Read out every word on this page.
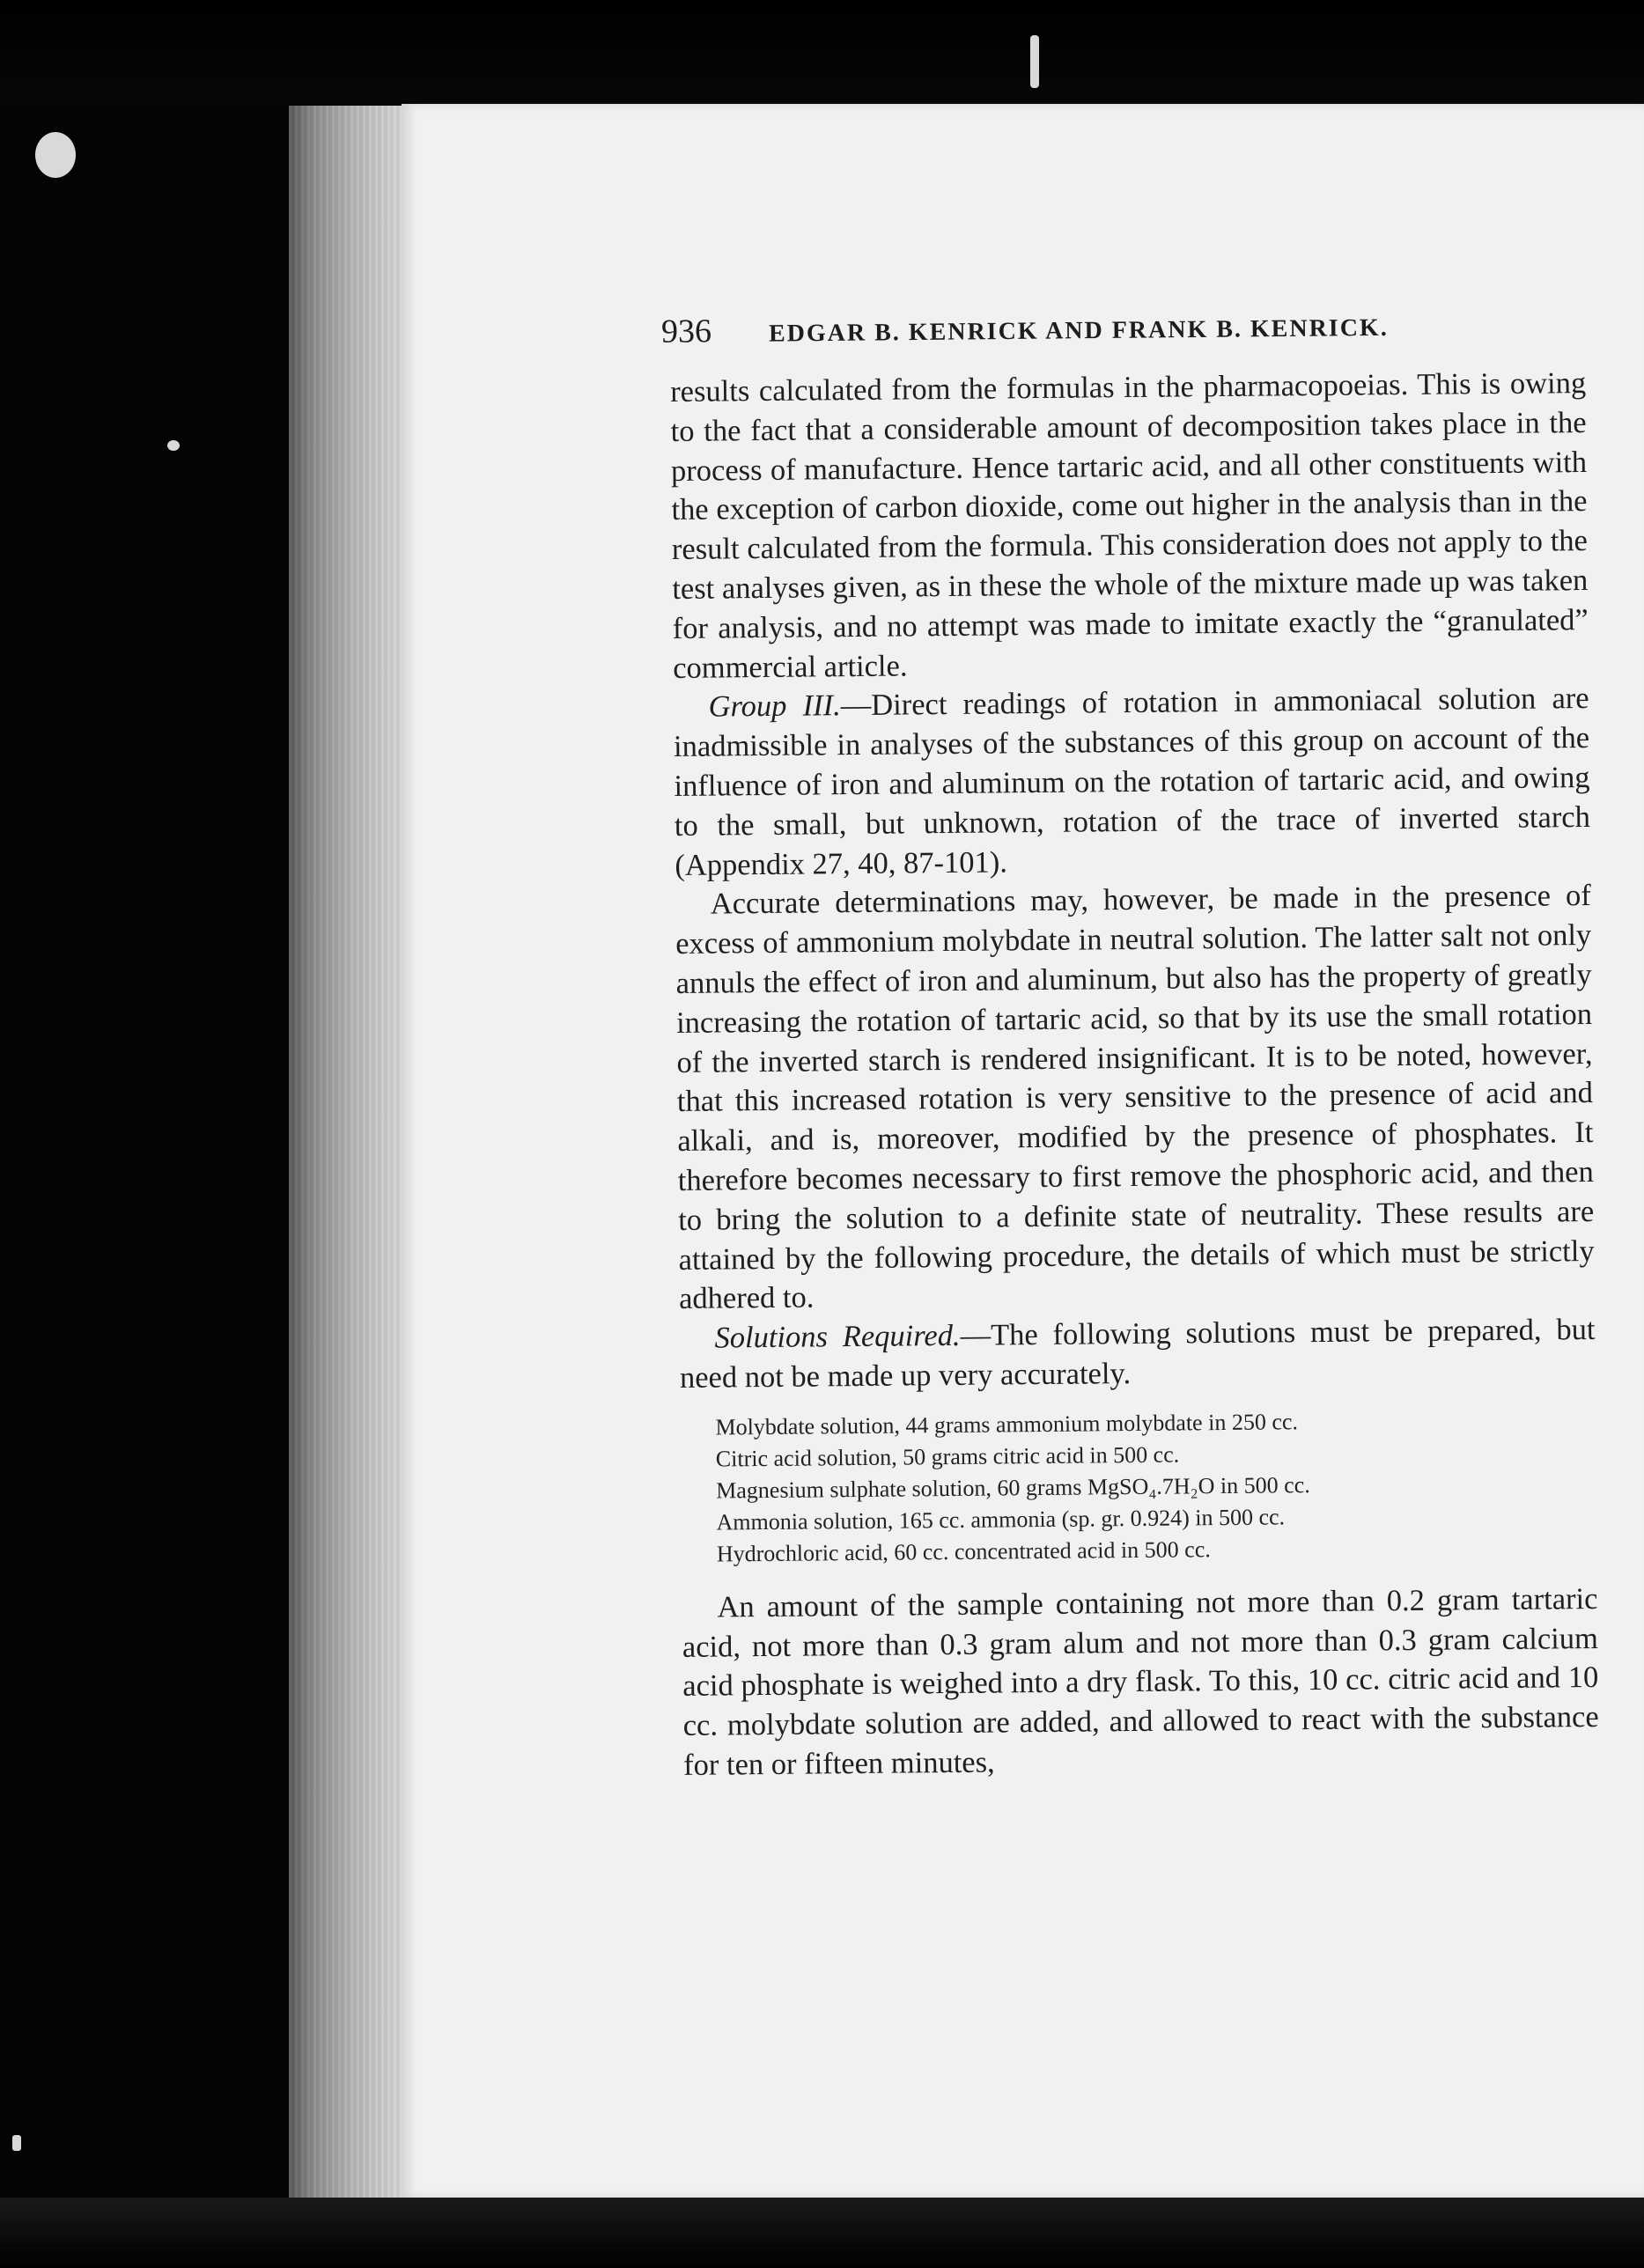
936 EDGAR B. KENRICK AND FRANK B. KENRICK.

results calculated from the formulas in the pharmacopoeias. This is owing to the fact that a considerable amount of decomposition takes place in the process of manufacture. Hence tartaric acid, and all other constituents with the exception of carbon dioxide, come out higher in the analysis than in the result calculated from the formula. This consideration does not apply to the test analyses given, as in these the whole of the mixture made up was taken for analysis, and no attempt was made to imitate exactly the “granulated” commercial article.

Group III.—Direct readings of rotation in ammoniacal solution are inadmissible in analyses of the substances of this group on account of the influence of iron and aluminum on the rotation of tartaric acid, and owing to the small, but unknown, rotation of the trace of inverted starch (Appendix 27, 40, 87-101).

Accurate determinations may, however, be made in the presence of excess of ammonium molybdate in neutral solution. The latter salt not only annuls the effect of iron and aluminum, but also has the property of greatly increasing the rotation of tartaric acid, so that by its use the small rotation of the inverted starch is rendered insignificant. It is to be noted, however, that this increased rotation is very sensitive to the presence of acid and alkali, and is, moreover, modified by the presence of phosphates. It therefore becomes necessary to first remove the phosphoric acid, and then to bring the solution to a definite state of neutrality. These results are attained by the following procedure, the details of which must be strictly adhered to.

Solutions Required.—The following solutions must be prepared, but need not be made up very accurately.

Molybdate solution, 44 grams ammonium molybdate in 250 cc.
Citric acid solution, 50 grams citric acid in 500 cc.
Magnesium sulphate solution, 60 grams MgSO₄.7H₂O in 500 cc.
Ammonia solution, 165 cc. ammonia (sp. gr. 0.924) in 500 cc.
Hydrochloric acid, 60 cc. concentrated acid in 500 cc.

An amount of the sample containing not more than 0.2 gram tartaric acid, not more than 0.3 gram alum and not more than 0.3 gram calcium acid phosphate is weighed into a dry flask. To this, 10 cc. citric acid and 10 cc. molybdate solution are added, and allowed to react with the substance for ten or fifteen minutes,
